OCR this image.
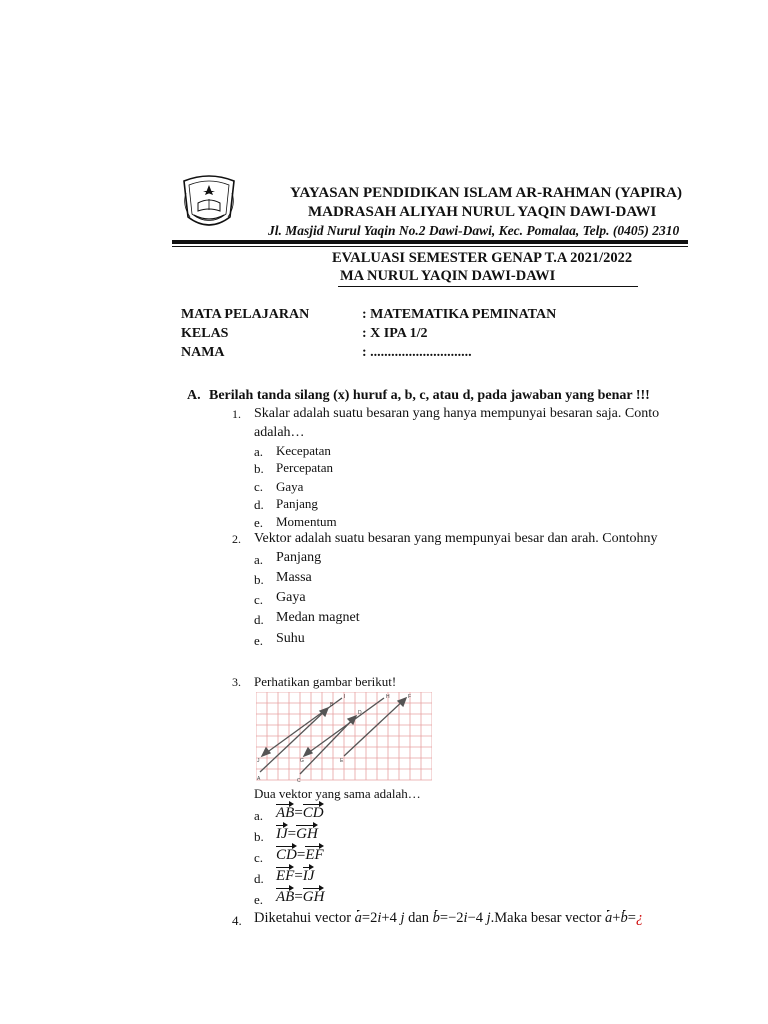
YAYASAN PENDIDIKAN ISLAM AR-RAHMAN (YAPIRA)
MADRASAH ALIYAH NURUL YAQIN DAWI-DAWI
Jl. Masjid Nurul Yaqin No.2 Dawi-Dawi, Kec. Pomalaa, Telp. (0405) 2310
EVALUASI SEMESTER GENAP T.A 2021/2022
MA NURUL YAQIN DAWI-DAWI
MATA PELAJARAN	: MATEMATIKA PEMINATAN
KELAS	: X IPA 1/2
NAMA	: .............................
A. Berilah tanda silang (x) huruf a, b, c, atau d, pada jawaban yang benar !!!
1. Skalar adalah suatu besaran yang hanya mempunyai besaran saja. Conto
adalah…
a. Kecepatan
b. Percepatan
c. Gaya
d. Panjang
e. Momentum
2. Vektor adalah suatu besaran yang mempunyai besar dan arah. Contohny
a. Panjang
b. Massa
c. Gaya
d. Medan magnet
e. Suhu
3. Perhatikan gambar berikut!
A
B
C
D
E
F
G
H
I
J
Dua vektor yang sama adalah…
a. AB=CD
b. IJ=GH
c. CD=EF
d. EF=IJ
e. AB=GH
4. Diketahui vector a=2i+4 j dan b=−2i−4 j.Maka besar vector a+b=¿
